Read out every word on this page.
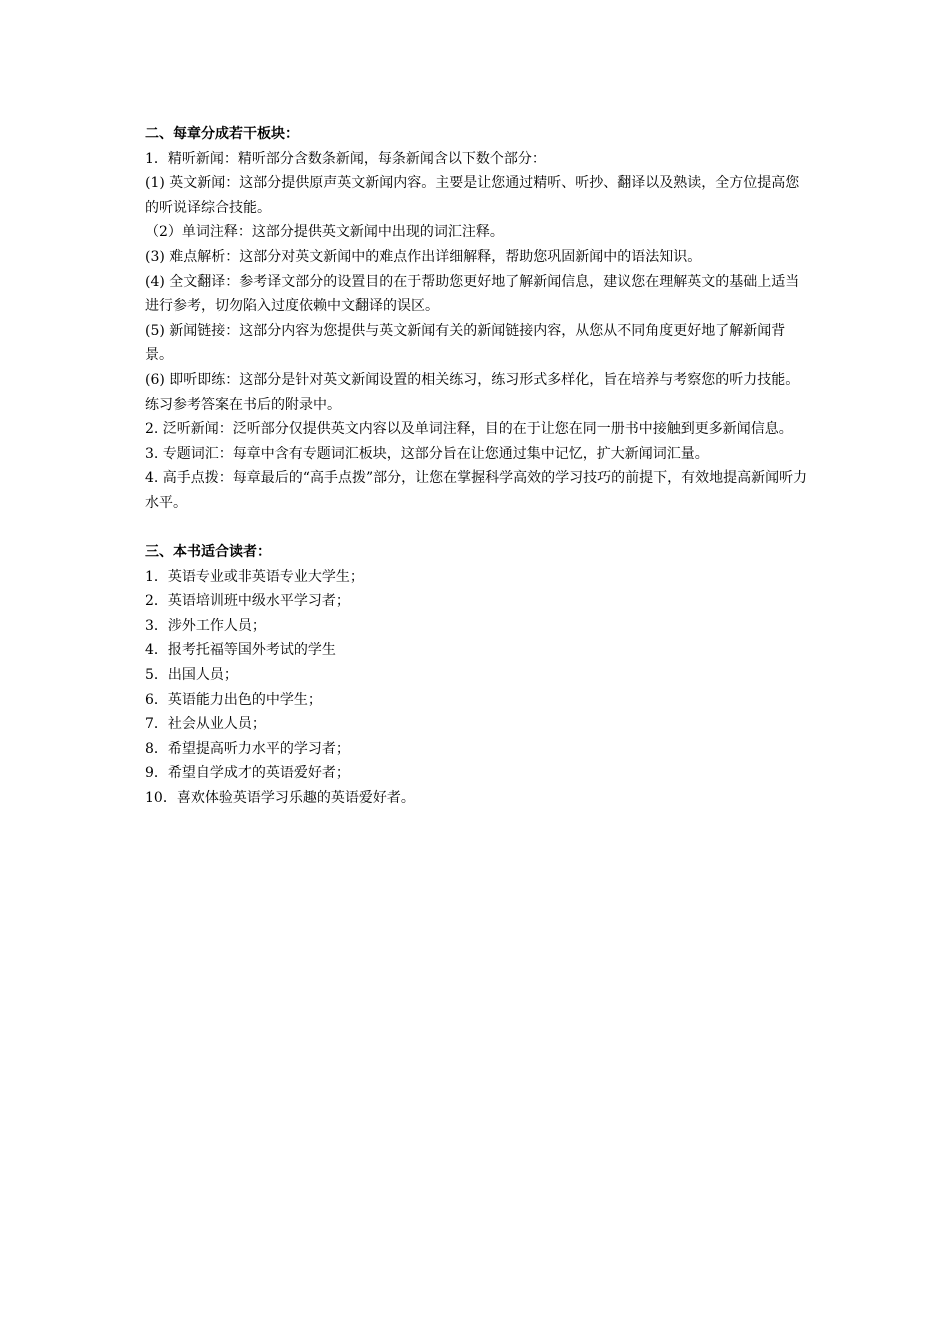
二、每章分成若干板块：

1．精听新闻：精听部分含数条新闻，每条新闻含以下数个部分：

(1) 英文新闻：这部分提供原声英文新闻内容。主要是让您通过精听、听抄、翻译以及熟读，全方位提高您的听说译综合技能。

（2）单词注释：这部分提供英文新闻中出现的词汇注释。

(3) 难点解析：这部分对英文新闻中的难点作出详细解释，帮助您巩固新闻中的语法知识。

(4) 全文翻译：参考译文部分的设置目的在于帮助您更好地了解新闻信息，建议您在理解英文的基础上适当进行参考，切勿陷入过度依赖中文翻译的误区。

(5) 新闻链接：这部分内容为您提供与英文新闻有关的新闻链接内容，从您从不同角度更好地了解新闻背景。

(6) 即听即练：这部分是针对英文新闻设置的相关练习，练习形式多样化，旨在培养与考察您的听力技能。练习参考答案在书后的附录中。

2. 泛听新闻：泛听部分仅提供英文内容以及单词注释，目的在于让您在同一册书中接触到更多新闻信息。

3. 专题词汇：每章中含有专题词汇板块，这部分旨在让您通过集中记忆，扩大新闻词汇量。

4. 高手点拨：每章最后的“高手点拨”部分，让您在掌握科学高效的学习技巧的前提下，有效地提高新闻听力水平。

三、本书适合读者：

1．英语专业或非英语专业大学生；

2．英语培训班中级水平学习者；

3．涉外工作人员；

4．报考托福等国外考试的学生

5．出国人员；

6．英语能力出色的中学生；

7．社会从业人员；

8．希望提高听力水平的学习者；

9．希望自学成才的英语爱好者；

10．喜欢体验英语学习乐趣的英语爱好者。
